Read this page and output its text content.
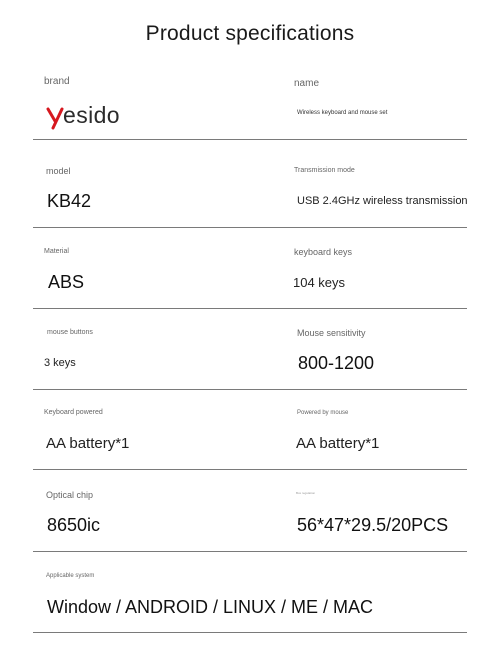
Product specifications
brand
esido
name
Wireless keyboard and mouse set
model
KB42
Transmission mode
USB 2.4GHz wireless transmission
Material
ABS
keyboard keys
104 keys
mouse buttons
3 keys
Mouse sensitivity
800-1200
Keyboard powered
AA battery*1
Powered by mouse
AA battery*1
Optical chip
8650ic
Box regulation
56*47*29.5/20PCS
Applicable system
Window / ANDROID / LINUX / ME / MAC
